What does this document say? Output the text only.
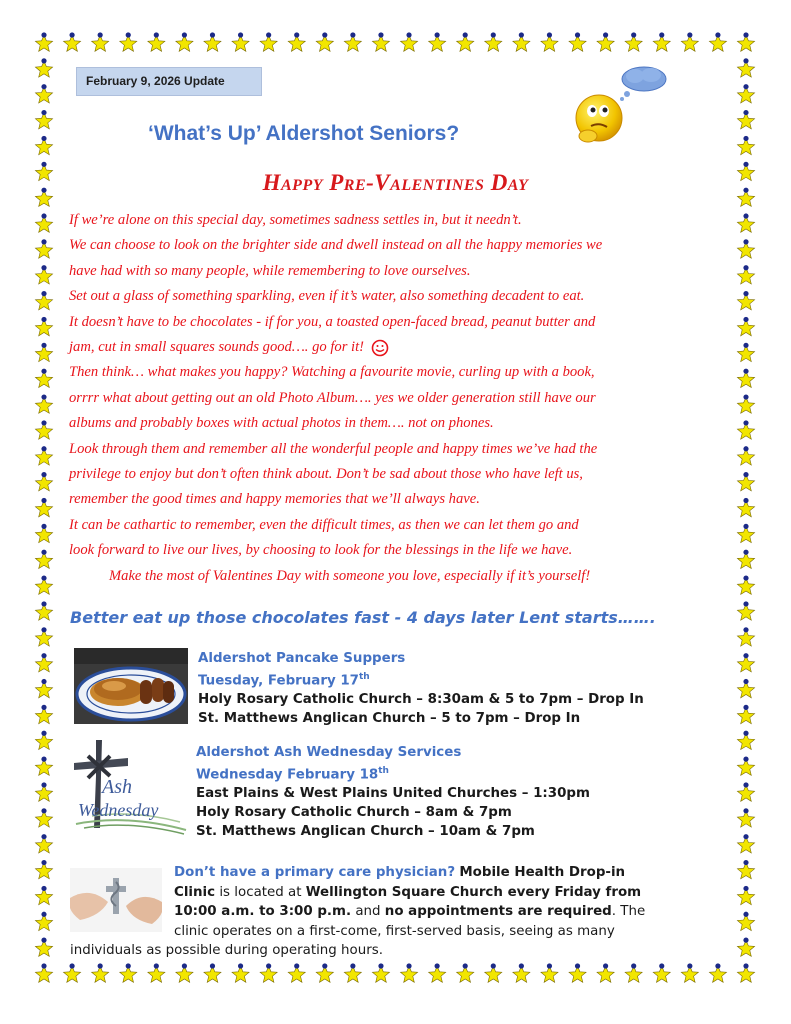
February 9, 2026 Update
‘What’s Up’ Aldershot Seniors?
Happy Pre-Valentines Day

If we’re alone on this special day, sometimes sadness settles in, but it needn’t.

We can choose to look on the brighter side and dwell instead on all the happy memories we

have had with so many people, while remembering to love ourselves.

Set out a glass of something sparkling, even if it’s water, also something decadent to eat.

It doesn’t have to be chocolates - if for you, a toasted open-faced bread, peanut butter and

jam, cut in small squares sounds good…. go for it!

Then think… what makes you happy? Watching a favourite movie, curling up with a book,

orrrr what about getting out an old Photo Album…. yes we older generation still have our

albums and probably boxes with actual photos in them…. not on phones.

Look through them and remember all the wonderful people and happy times we’ve had the

privilege to enjoy but don’t often think about. Don’t be sad about those who have left us,

remember the good times and happy memories that we’ll always have.

It can be cathartic to remember, even the difficult times, as then we can let them go and

look forward to live our lives, by choosing to look for the blessings in the life we have.

Make the most of Valentines Day with someone you love, especially if it’s yourself!

Better eat up those chocolates fast - 4 days later Lent starts…….
Aldershot Pancake Suppers
Tuesday, February 17th
Holy Rosary Catholic Church – 8:30am & 5 to 7pm – Drop In
St. Matthews Anglican Church – 5 to 7pm – Drop In
Ash
Wednesday
Aldershot Ash Wednesday Services
Wednesday February 18th
East Plains & West Plains United Churches – 1:30pm
Holy Rosary Catholic Church – 8am & 7pm
St. Matthews Anglican Church – 10am & 7pm
Don’t have a primary care physician? Mobile Health Drop-in
Clinic is located at Wellington Square Church every Friday from
10:00 a.m. to 3:00 p.m. and no appointments are required. The
clinic operates on a first-come, first-served basis, seeing as many
individuals as possible during operating hours.
